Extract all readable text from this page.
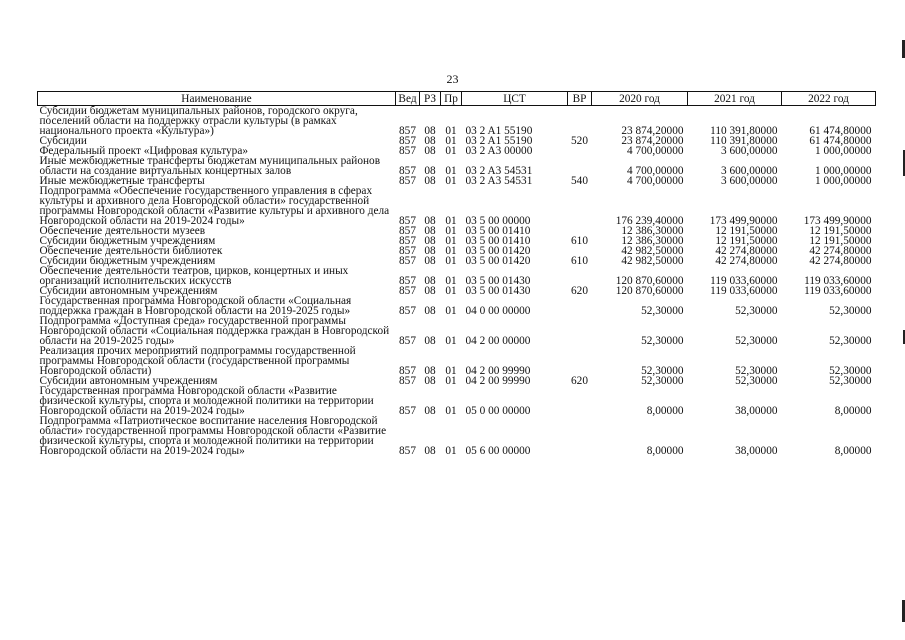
23
Наименование	Вед	РЗ	Пр	ЦСТ	ВР	2020 год	2021 год	2022 год
Субсидии бюджетам муниципальных районов, городского округа, поселений области на поддержку отрасли культуры (в рамках национального проекта «Культура»)	857	08	01	03 2 A1 55190		23 874,20000	110 391,80000	61 474,80000
Субсидии	857	08	01	03 2 A1 55190	520	23 874,20000	110 391,80000	61 474,80000
Федеральный проект «Цифровая культура»	857	08	01	03 2 A3 00000		4 700,00000	3 600,00000	1 000,00000
Иные межбюджетные трансферты бюджетам муниципальных районов области на создание виртуальных концертных залов	857	08	01	03 2 A3 54531		4 700,00000	3 600,00000	1 000,00000
Иные межбюджетные трансферты	857	08	01	03 2 A3 54531	540	4 700,00000	3 600,00000	1 000,00000
Подпрограмма «Обеспечение государственного управления в сферах культуры и архивного дела Новгородской области» государственной программы Новгородской области «Развитие культуры и архивного дела Новгородской области на 2019-2024 годы»	857	08	01	03 5 00 00000		176 239,40000	173 499,90000	173 499,90000
Обеспечение деятельности музеев	857	08	01	03 5 00 01410		12 386,30000	12 191,50000	12 191,50000
Субсидии бюджетным учреждениям	857	08	01	03 5 00 01410	610	12 386,30000	12 191,50000	12 191,50000
Обеспечение деятельности библиотек	857	08	01	03 5 00 01420		42 982,50000	42 274,80000	42 274,80000
Субсидии бюджетным учреждениям	857	08	01	03 5 00 01420	610	42 982,50000	42 274,80000	42 274,80000
Обеспечение деятельности театров, цирков, концертных и иных организаций исполнительских искусств	857	08	01	03 5 00 01430		120 870,60000	119 033,60000	119 033,60000
Субсидии автономным учреждениям	857	08	01	03 5 00 01430	620	120 870,60000	119 033,60000	119 033,60000
Государственная программа Новгородской области «Социальная поддержка граждан в Новгородской области на 2019-2025 годы»	857	08	01	04 0 00 00000		52,30000	52,30000	52,30000
Подпрограмма «Доступная среда» государственной программы Новгородской области «Социальная поддержка граждан в Новгородской области на 2019-2025 годы»	857	08	01	04 2 00 00000		52,30000	52,30000	52,30000
Реализация прочих мероприятий подпрограммы государственной программы Новгородской области (государственной программы Новгородской области)	857	08	01	04 2 00 99990		52,30000	52,30000	52,30000
Субсидии автономным учреждениям	857	08	01	04 2 00 99990	620	52,30000	52,30000	52,30000
Государственная программа Новгородской области «Развитие физической культуры, спорта и молодежной политики на территории Новгородской области на 2019-2024 годы»	857	08	01	05 0 00 00000		8,00000	38,00000	8,00000
Подпрограмма «Патриотическое воспитание населения Новгородской области» государственной программы Новгородской области «Развитие физической культуры, спорта и молодежной политики на территории Новгородской области на 2019-2024 годы»	857	08	01	05 6 00 00000		8,00000	38,00000	8,00000
